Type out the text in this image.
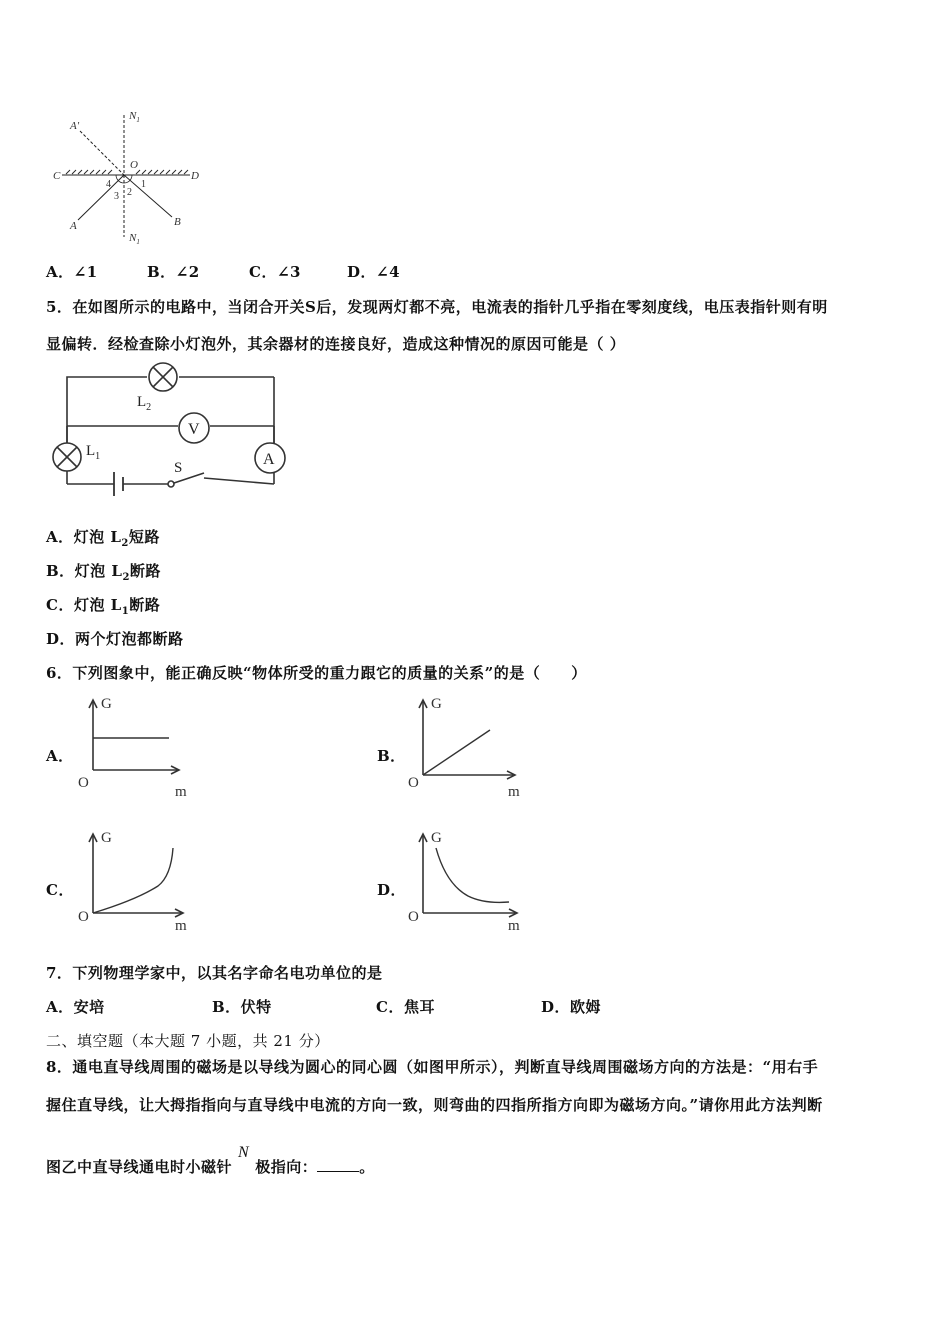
A'
$N_1$
O
C	D
4	1
3 2
A	B
$N_1$
A．∠1	B．∠2	C．∠3	D．∠4
5．在如图所示的电路中，当闭合开关S后，发现两灯都不亮，电流表的指针几乎指在零刻度线，电压表指针则有明
显偏转．经检查除小灯泡外，其余器材的连接良好，造成这种情况的原因可能是（ ）
V
A
$L_2$
$L_1$
S
A．灯泡 $L_2$短路
B．灯泡 $L_2$断路
C．灯泡 $L_1$断路
D．两个灯泡都断路
6．下列图象中，能正确反映“物体所受的重力跟它的质量的关系”的是（　　）
A．
G
O
m
B．
G
O
m
C．
G
O
m
D．
G
O
m
7．下列物理学家中，以其名字命名电功单位的是
A．安培	B．伏特	C．焦耳	D．欧姆
二、填空题（本大题 7 小题，共 21 分）
8．通电直导线周围的磁场是以导线为圆心的同心圆（如图甲所示），判断直导线周围磁场方向的方法是：“用右手
握住直导线，让大拇指指向与直导线中电流的方向一致，则弯曲的四指所指方向即为磁场方向。”请你用此方法判断
图乙中直导线通电时小磁针N极指向：	。
